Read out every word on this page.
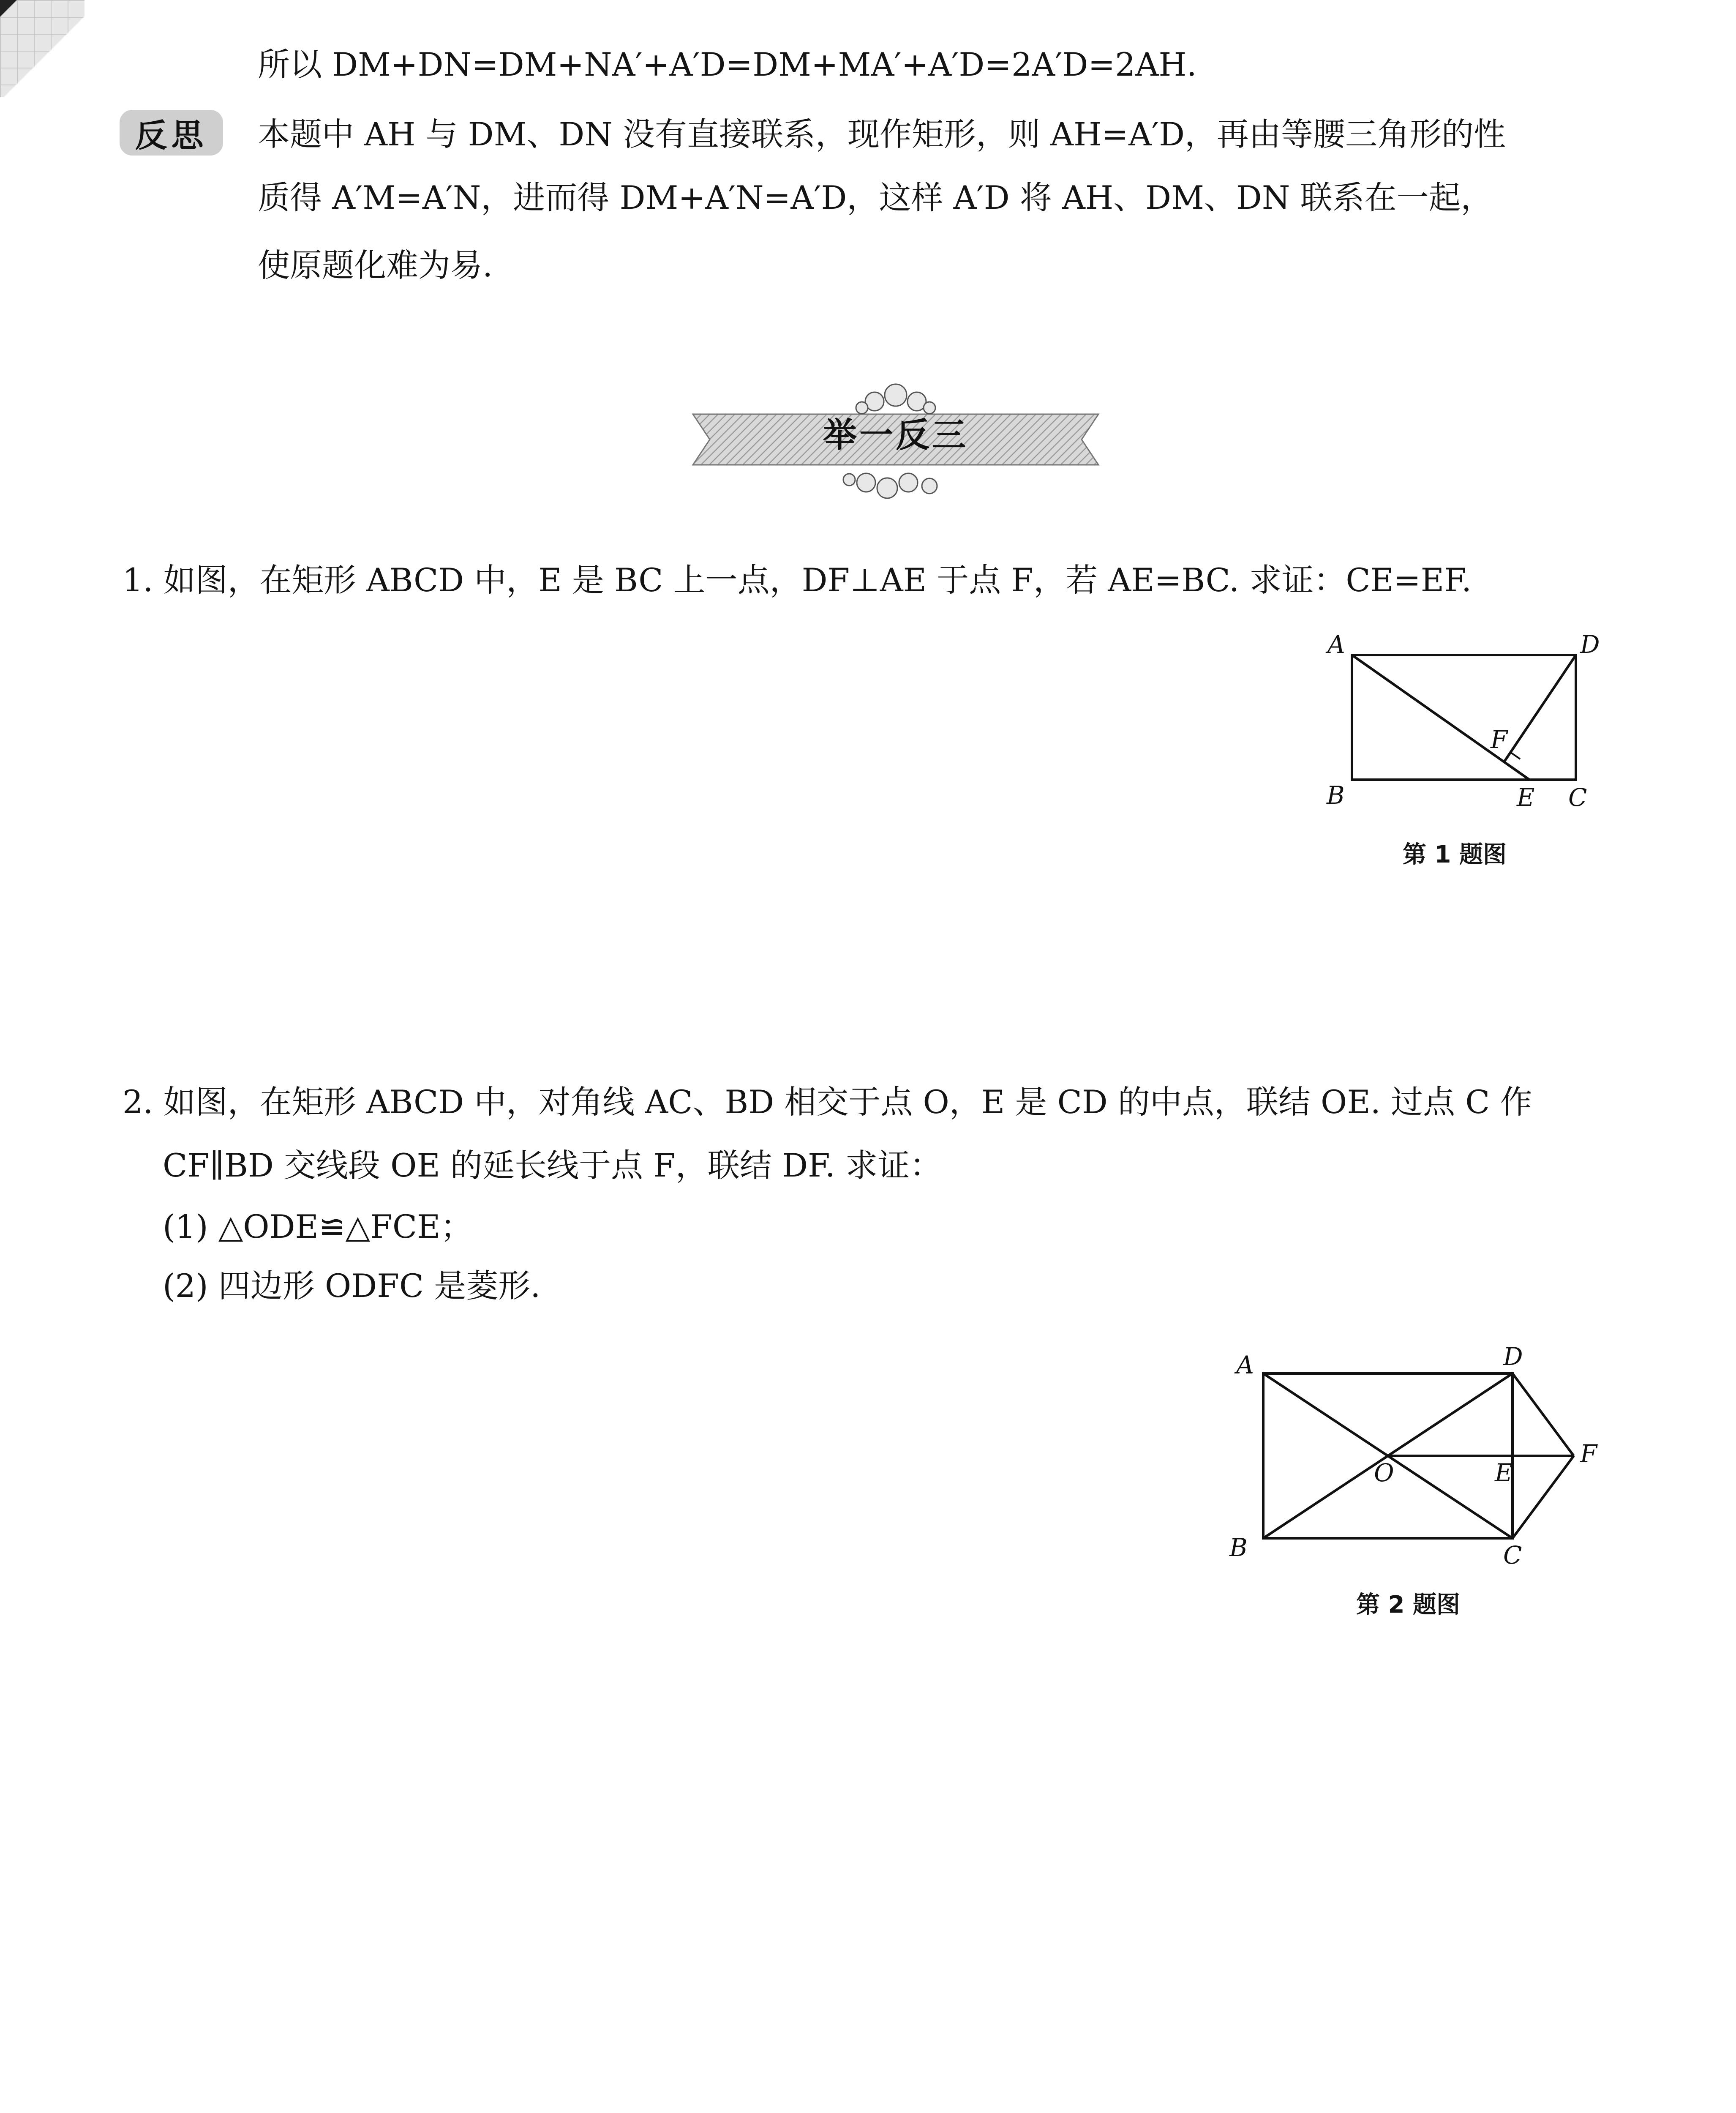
所以 DM+DN=DM+NA′+A′D=DM+MA′+A′D=2A′D=2AH.
反思	本题中 AH 与 DM、DN 没有直接联系，现作矩形，则 AH=A′D，再由等腰三角形的性
质得 A′M=A′N，进而得 DM+A′N=A′D，这样 A′D 将 AH、DM、DN 联系在一起，
使原题化难为易.
举一反三
1. 如图，在矩形 ABCD 中，E 是 BC 上一点，DF⊥AE 于点 F，若 AE=BC. 求证：CE=EF.
A	D
B	E C
F
第 1 题图
2. 如图，在矩形 ABCD 中，对角线 AC、BD 相交于点 O，E 是 CD 的中点，联结 OE. 过点 C 作
CF∥BD 交线段 OE 的延长线于点 F，联结 DF. 求证：
(1) △ODE≌△FCE；
(2) 四边形 ODFC 是菱形.
A	D
B	C
F
O	E
第 2 题图
